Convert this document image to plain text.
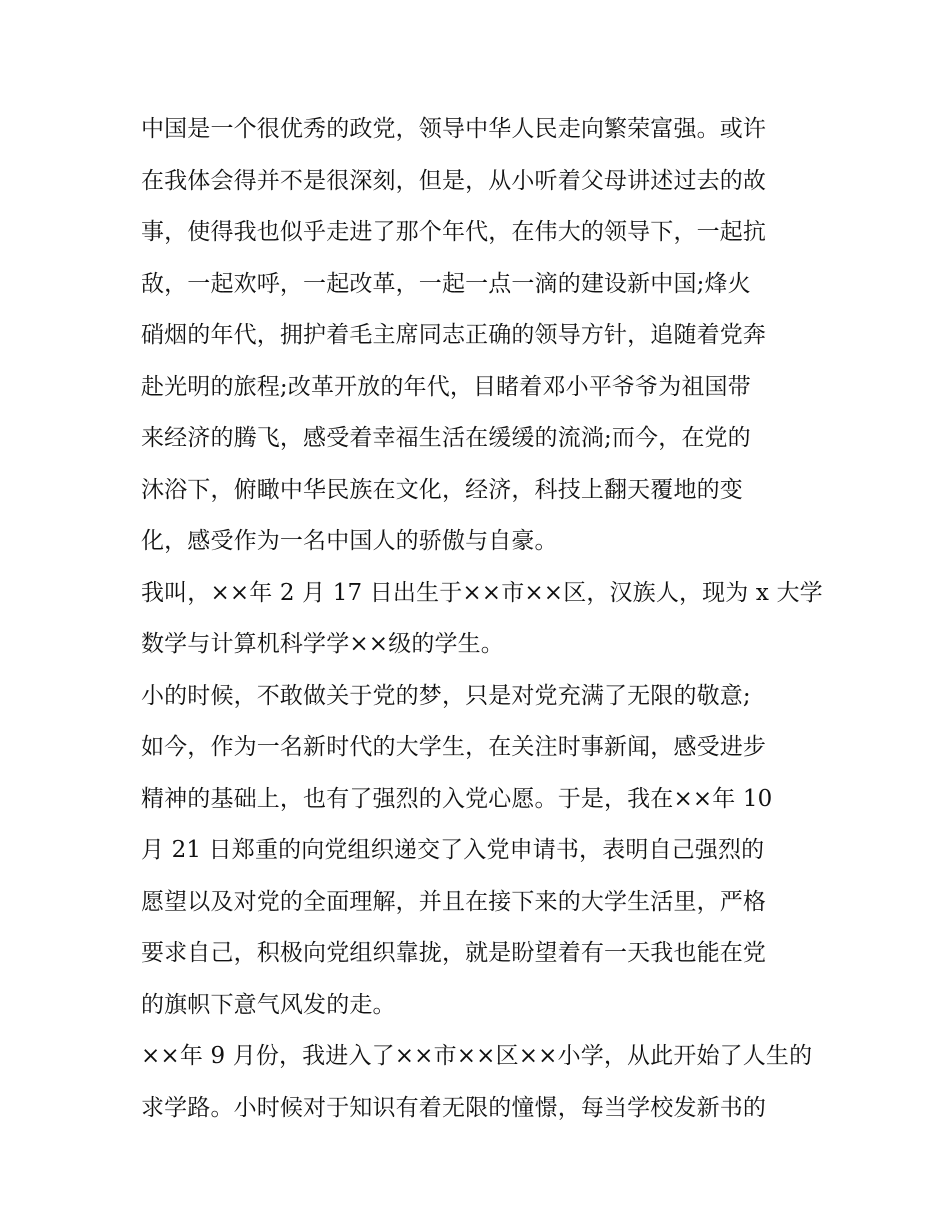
中国是一个很优秀的政党，领导中华人民走向繁荣富强。或许
在我体会得并不是很深刻，但是，从小听着父母讲述过去的故
事，使得我也似乎走进了那个年代，在伟大的领导下，一起抗
敌，一起欢呼，一起改革，一起一点一滴的建设新中国;烽火
硝烟的年代，拥护着毛主席同志正确的领导方针，追随着党奔
赴光明的旅程;改革开放的年代，目睹着邓小平爷爷为祖国带
来经济的腾飞，感受着幸福生活在缓缓的流淌;而今，在党的
沐浴下，俯瞰中华民族在文化，经济，科技上翻天覆地的变
化，感受作为一名中国人的骄傲与自豪。
我叫，××年 2 月 17 日出生于××市××区，汉族人，现为 x 大学
数学与计算机科学学××级的学生。
小的时候，不敢做关于党的梦，只是对党充满了无限的敬意;
如今，作为一名新时代的大学生，在关注时事新闻，感受进步
精神的基础上，也有了强烈的入党心愿。于是，我在××年 10
月 21 日郑重的向党组织递交了入党申请书，表明自己强烈的
愿望以及对党的全面理解，并且在接下来的大学生活里，严格
要求自己，积极向党组织靠拢，就是盼望着有一天我也能在党
的旗帜下意气风发的走。
××年 9 月份，我进入了××市××区××小学，从此开始了人生的
求学路。小时候对于知识有着无限的憧憬，每当学校发新书的
